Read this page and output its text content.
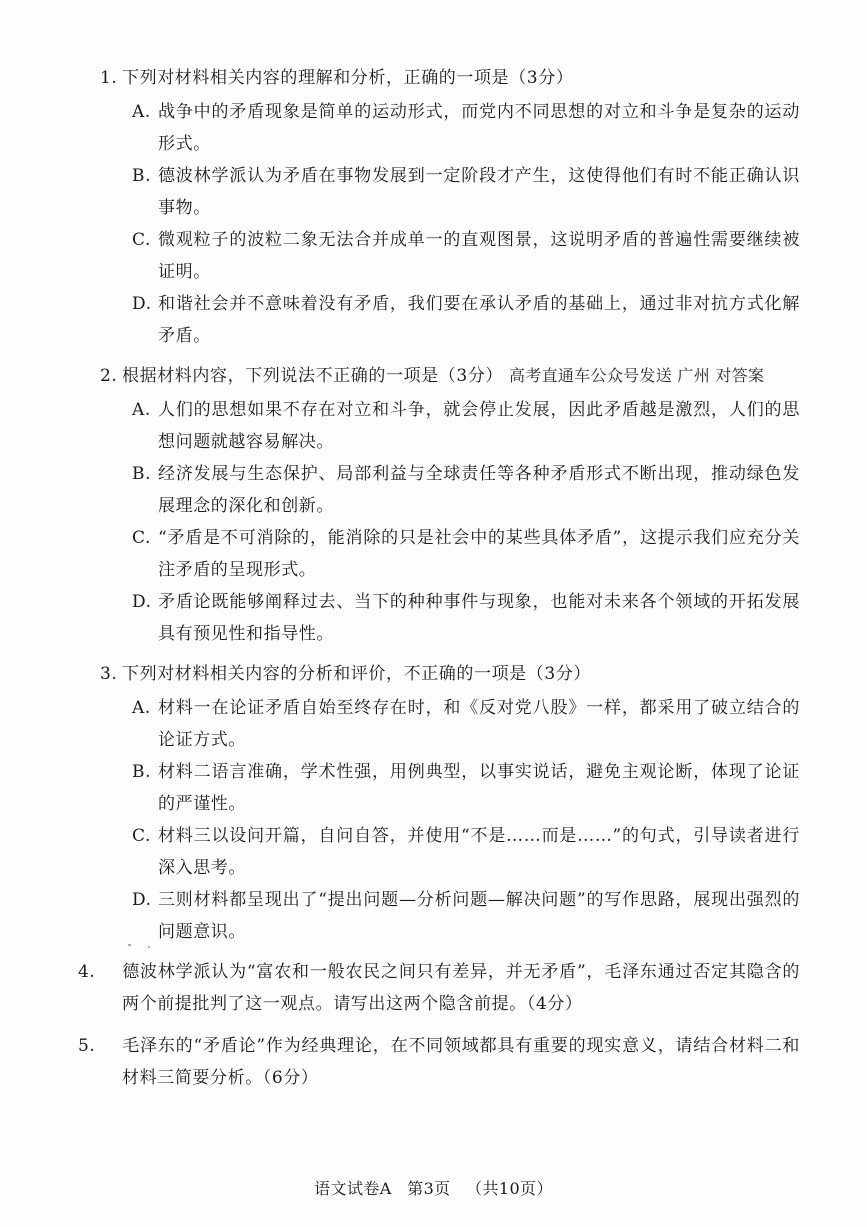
1. 下列对材料相关内容的理解和分析，正确的一项是（3分）
A. 战争中的矛盾现象是简单的运动形式，而党内不同思想的对立和斗争是复杂的运动形式。
B. 德波林学派认为矛盾在事物发展到一定阶段才产生，这使得他们有时不能正确认识事物。
C. 微观粒子的波粒二象无法合并成单一的直观图景，这说明矛盾的普遍性需要继续被证明。
D. 和谐社会并不意味着没有矛盾，我们要在承认矛盾的基础上，通过非对抗方式化解矛盾。
2. 根据材料内容，下列说法不正确的一项是（3分） 高考直通车公众号发送 广州 对答案
A. 人们的思想如果不存在对立和斗争，就会停止发展，因此矛盾越是激烈，人们的思想问题就越容易解决。
B. 经济发展与生态保护、局部利益与全球责任等各种矛盾形式不断出现，推动绿色发展理念的深化和创新。
C. “矛盾是不可消除的，能消除的只是社会中的某些具体矛盾”，这提示我们应充分关注矛盾的呈现形式。
D. 矛盾论既能够阐释过去、当下的种种事件与现象，也能对未来各个领域的开拓发展具有预见性和指导性。
3. 下列对材料相关内容的分析和评价，不正确的一项是（3分）
A. 材料一在论证矛盾自始至终存在时，和《反对党八股》一样，都采用了破立结合的论证方式。
B. 材料二语言准确，学术性强，用例典型，以事实说话，避免主观论断，体现了论证的严谨性。
C. 材料三以设问开篇，自问自答，并使用“不是……而是……”的句式，引导读者进行深入思考。
D. 三则材料都呈现出了“提出问题—分析问题—解决问题”的写作思路，展现出强烈的问题意识。
4. 德波林学派认为“富农和一般农民之间只有差异，并无矛盾”，毛泽东通过否定其隐含的两个前提批判了这一观点。请写出这两个隐含前提。（4分）
5. 毛泽东的“矛盾论”作为经典理论，在不同领域都具有重要的现实意义，请结合材料二和材料三简要分析。（6分）
语文试卷A 第3页 （共10页）
